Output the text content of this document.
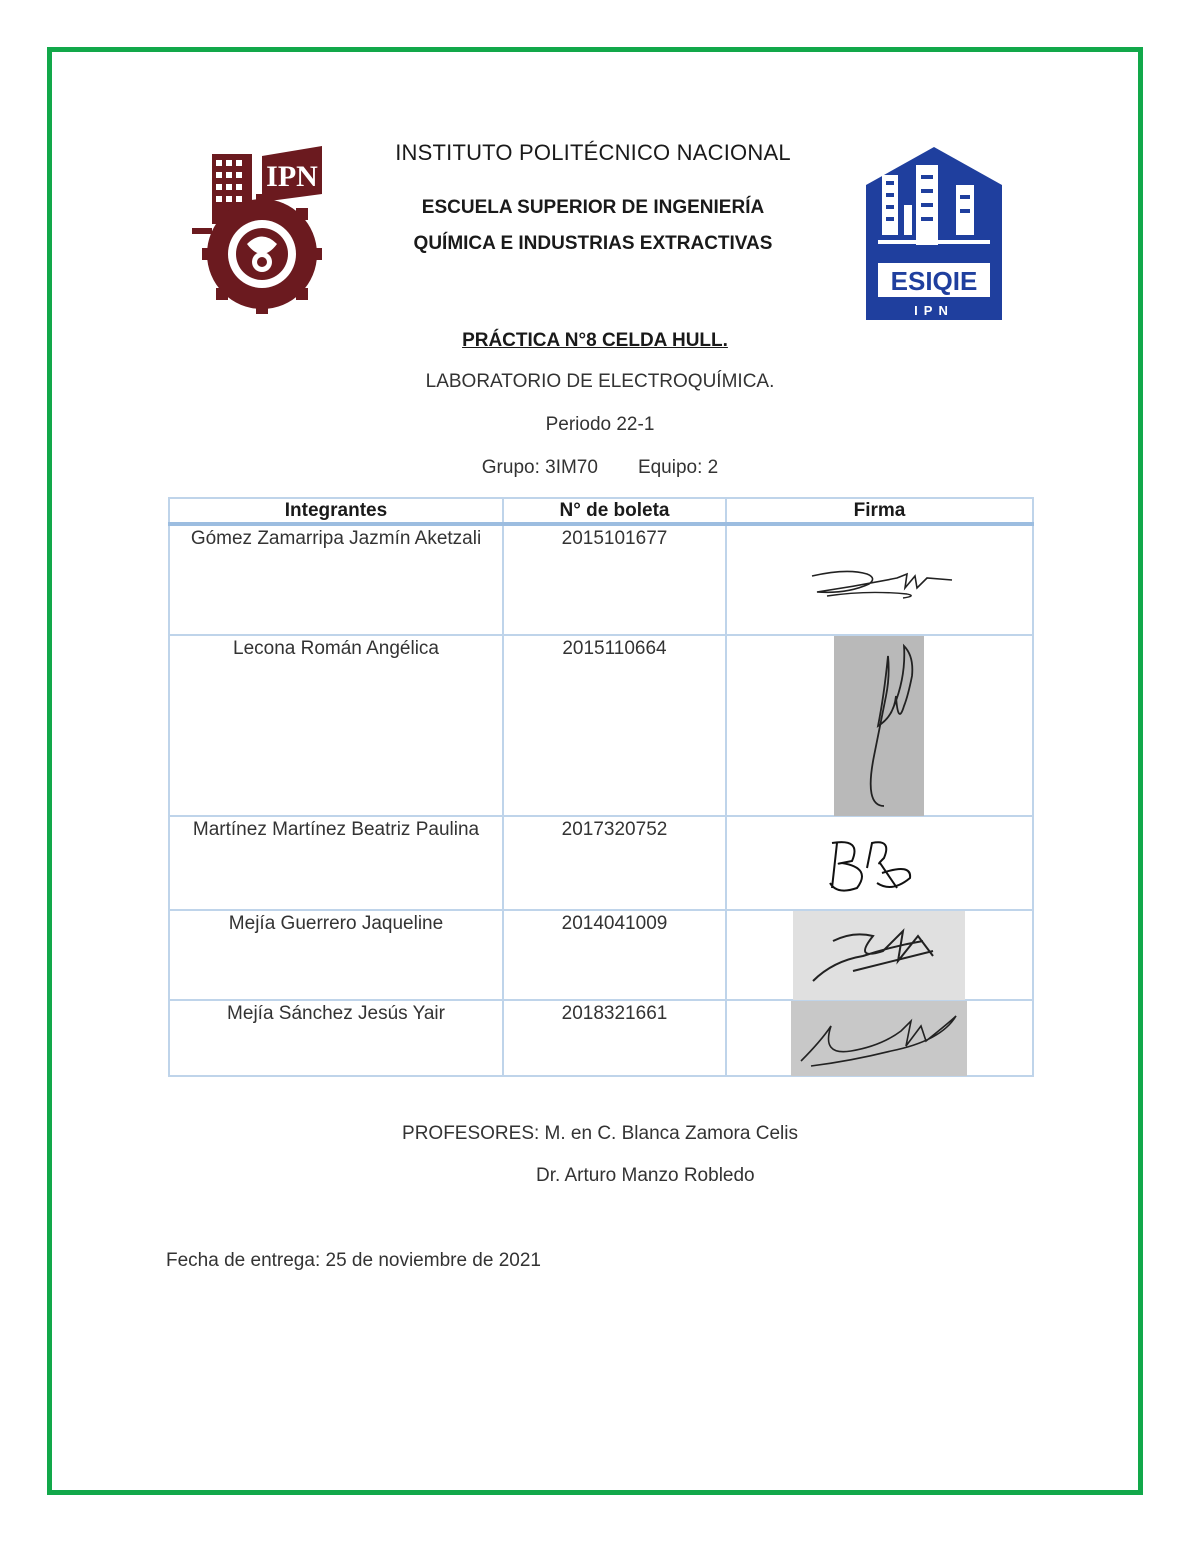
IPN
ESIQIE
IPN
INSTITUTO POLITÉCNICO NACIONAL
ESCUELA SUPERIOR DE INGENIERÍA
QUÍMICA E INDUSTRIAS EXTRACTIVAS
PRÁCTICA N°8 CELDA HULL.
LABORATORIO DE ELECTROQUÍMICA.
Periodo 22-1
Grupo: 3IM70 Equipo: 2
Integrantes	N° de boleta	Firma
Gómez Zamarripa Jazmín Aketzali	2015101677	

Lecona Román Angélica	2015110664	

Martínez Martínez Beatriz Paulina	2017320752	

Mejía Guerrero Jaqueline	2014041009	

Mejía Sánchez Jesús Yair	2018321661	
PROFESORES: M. en C. Blanca Zamora Celis
Dr. Arturo Manzo Robledo
Fecha de entrega: 25 de noviembre de 2021
